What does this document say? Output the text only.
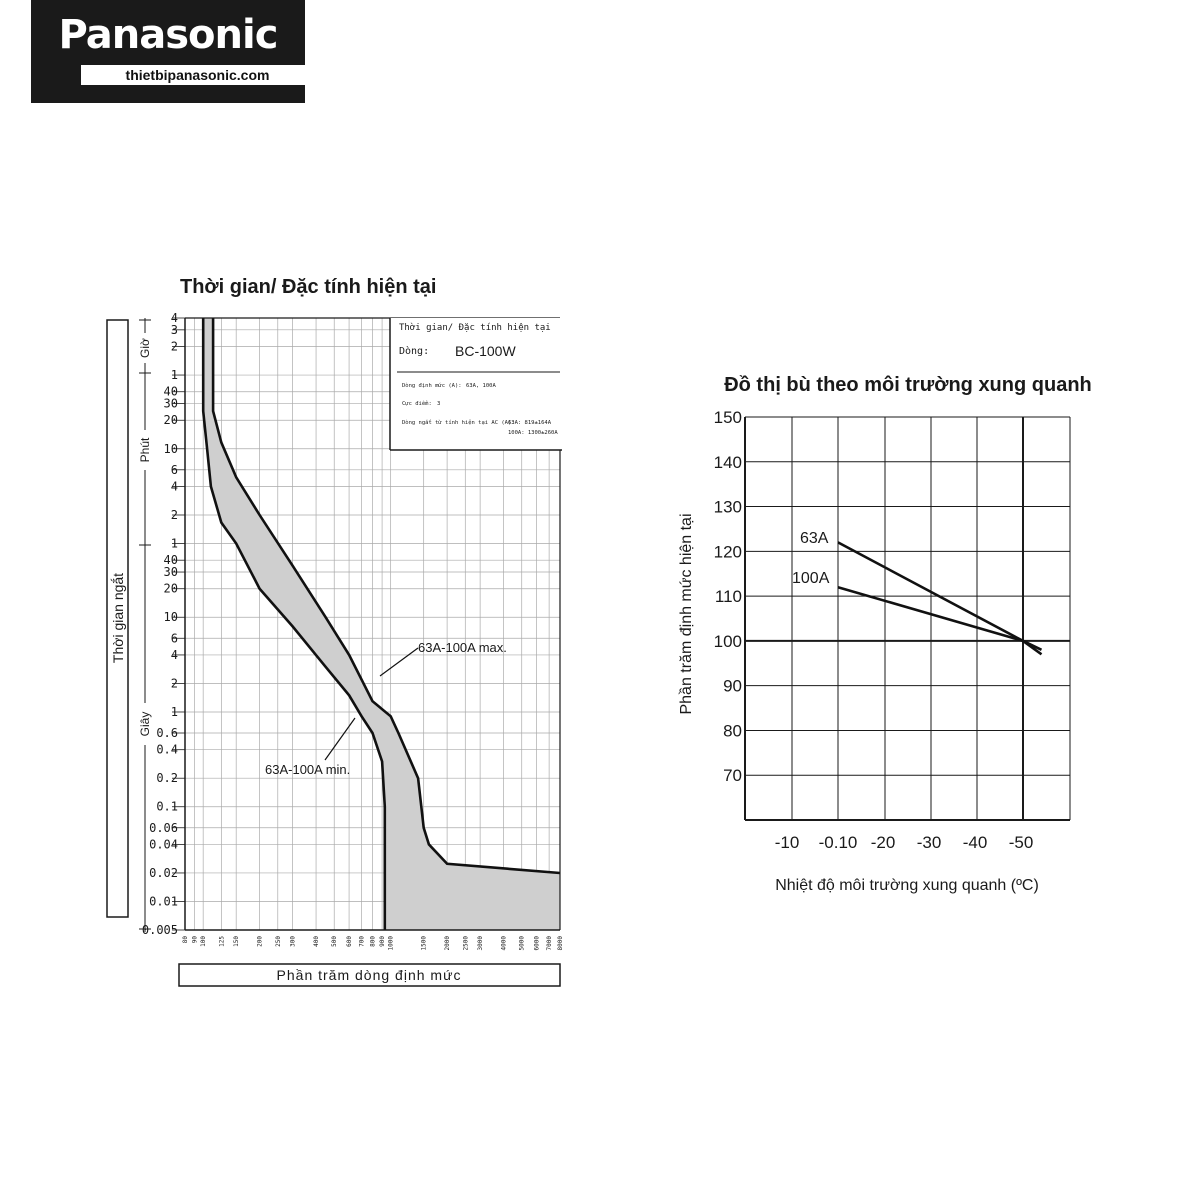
Panasonic
thietbipanasonic.com
Thời gian/ Đặc tính hiện tại
Thời gian ngắt
Giờ
Phút
Giây
Thời gian/ Đặc tính hiện tại
Dòng: BC-100W
Dòng định mức (A): 63A, 100A
Cực điểm: 3
Dòng ngắt từ tính hiện tại AC (A):
63A: 819±164A
100A: 1300±260A
63A-100A max.
63A-100A min.
4
3
2
1
40
30
20
10
6
4
2
1
40
30
20
10
6
4
2
1
0.6
0.4
0.2
0.1
0.06
0.04
0.02
0.01
0.005
80 90 100 125 150	200 250 300	400 500 600 700 800 900 1000	1500	2000 2500 3000	4000 5000 6000 7000 8000
Phần trăm dòng định mức
Đồ thị bù theo môi trường xung quanh
150
140
130
120
110
100
90
80
70
-10 -0.10 -20 -30 -40 -50
63A
100A
Phần trăm định mức hiện tại
Nhiệt độ môi trường xung quanh (ºC)
